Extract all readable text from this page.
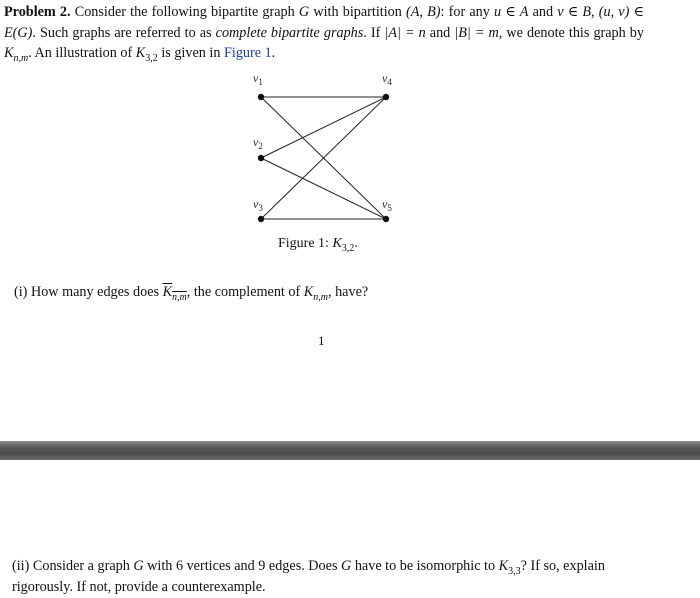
Problem 2. Consider the following bipartite graph G with bipartition (A, B): for any u ∈ A and v ∈ B, (u, v) ∈ E(G). Such graphs are referred to as complete bipartite graphs. If |A| = n and |B| = m, we denote this graph by $K_{n,m}$. An illustration of $K_{3,2}$ is given in Figure 1.
$v_1$
$v_2$
$v_3$
$v_4$
$v_5$
Figure 1: $K_{3,2}$.
(i) How many edges does $K_{n,m}$, the complement of $K_{n,m}$, have?
1
(ii) Consider a graph G with 6 vertices and 9 edges. Does G have to be isomorphic to $K_{3,3}$? If so, explain rigorously. If not, provide a counterexample.
